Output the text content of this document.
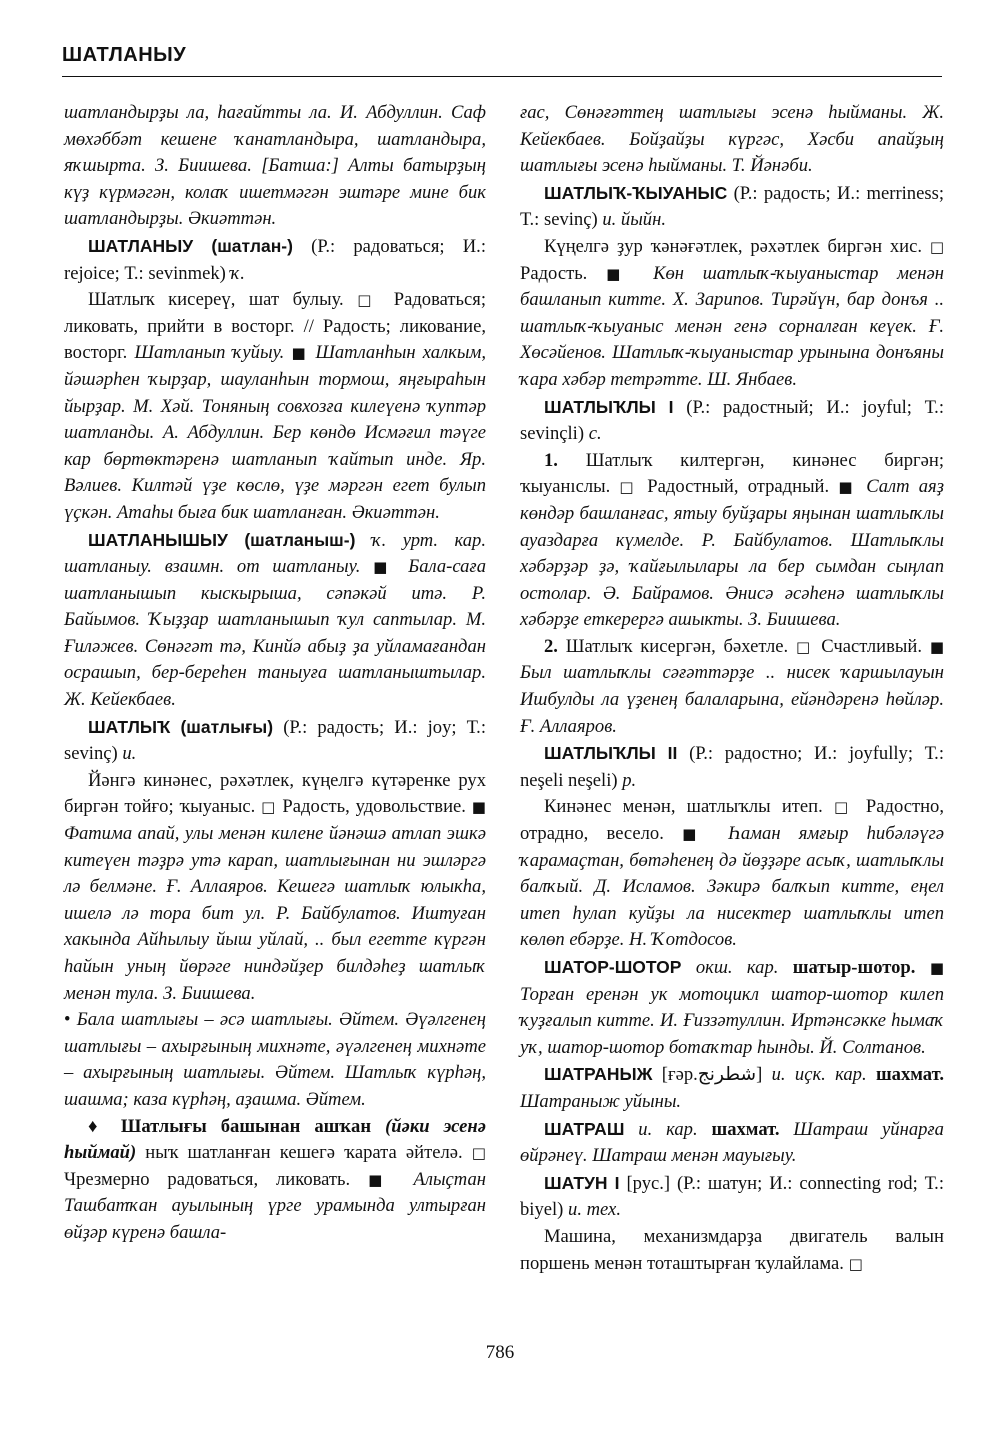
ШАТЛАНЫУ

шатландырҙы ла, һағайтты ла. И. Абдуллин. Саф мөхәббәт кешене ҡанатландыра, шатландыра, яҡшырта. З. Биишева. [Батша:] Алты батырҙың күҙ күрмәгән, колаҡ ишетмәгән эштәре мине бик шатландырҙы. Әкиәттән.

ШАТЛАНЫУ (шатлан-) (Р.: радоваться; И.: rejoice; Т.: sevinmek) ҡ.

Шатлыҡ кисереү, шат булыу. □ Радоваться; ликовать, прийти в восторг. // Радость; ликование, восторг. Шатланып ҡуйыу. ■ Шатланһын халкым, йәшәрһен ҡырҙар, шауланһын тормош, яңғыраһын йырҙар. М. Хәй. Тоняның совхозға килеүенә ҡуптәр шатланды. А. Абдуллин. Бер көндө Исмәғил тәүге кар бөртөктәренә шатланып ҡайтып инде. Яр. Вәлиев. Килтәй үҙе көслө, үҙе мәргән егет булып үҫкән. Атаһы быға бик шатланған. Әкиәттән.

ШАТЛАНЫШЫУ (шатланыш-) ҡ. урт. кар. шатланыу. взаимн. от шатланыу. ■ Бала-саға шатланышып кыскырыша, сәпәкәй итә. Р. Байымов. Ҡыҙҙар шатланышып ҡул саптылар. М. Ғиләжев. Сөнәгәт тә, Кинйә абыҙ ҙа уйламағандан осрашып, бер-береһен таныуға шатланыштылар. Ж. Кейекбаев.

ШАТЛЫҠ (шатлығы) (Р.: радость; И.: joy; Т.: sevinç) и.

Йәнгә кинәнес, рәхәтлек, күңелгә күтәренке рух биргән тойғо; ҡыуаныс. □ Радость, удовольствие. ■ Фатима апай, улы менән килене йәнәшә атлап эшкә китеүен тәҙрә утә карап, шатлығынан ни эшләргә лә белмәне. Ғ. Аллаяров. Кешегә шатлыҡ юлыкһа, ишелә лә тора бит ул. Р. Байбулатов. Иштуған хакында Айһылыу йыш уйлай, .. был егеттe күргән һайын уның йөрәге ниндәйҙер билдәһеҙ шатлыҡ менән тула. З. Биишева.

• Бала шатлығы – әсә шатлығы. Әйтем. Әүәлгенең шатлығы – ахырғының михнәте, әүәлгенең михнәте – ахырғының шатлығы. Әйтем. Шатлыҡ күрһәң, шашма; каза күрһәң, аҙашма. Әйтем.

♦ Шатлығы башынан ашҡан (йәки эсенә һыймай) ныҡ шатланған кешегә ҡарата әйтелә. □ Чрезмерно радоваться, ликовать. ■ Алыҫтан Ташбатҡан ауылының үрге урамында ултырған өйҙәр күренә башла-

ғас, Сөнәғәттең шатлығы эсенә һыйманы. Ж. Кейекбаев. Бойҙайҙы күргәс, Хәсби апайҙың шатлығы эсенә һыйманы. Т. Йәнәби.

ШАТЛЫҠ-ҠЫУАНЫС (Р.: радость; И.: merriness; Т.: sevinç) и. йыйн.

Күңелгә ҙур ҡәнәғәтлек, рәхәтлек биргән хис. □ Радость. ■ Көн шатлыҡ-ҡыуаныстар менән башланып китте. Х. Зарипов. Тирәйүн, бар донъя .. шатлыҡ-ҡыуаныс менән генә сорналған кеүек. Ғ. Хөсәйенов. Шатлыҡ-ҡыуаныстар урынына донъяны ҡара хәбәр тетрәтте. Ш. Янбаев.

ШАТЛЫҠЛЫ I (Р.: радостный; И.: joyful; Т.: sevinçli) с.

1. Шатлыҡ килтергән, кинәнес биргән; ҡыуанıслы. □ Радостный, отрадный. ■ Салт аяҙ көндәр башланғас, ятыу буйҙары яңынан шатлыҡлы ауаздарға күмелде. Р. Байбулатов. Шатлыҡлы хәбәрҙәр ҙә, ҡайғылылары ла бер сымдан сыңлап остолар. Ә. Байрамов. Әнисә әсәһенә шатлыҡлы хәбәрҙе еткерергә ашыкты. З. Биишева.

2. Шатлыҡ кисергән, бәхетле. □ Счастливый. ■ Был шатлыҡлы сәғәттәрҙе .. нисек ҡаршылауын Ишбулды ла үҙенең балаларына, ейәндәренә һөйләр. Ғ. Аллаяров.

ШАТЛЫҠЛЫ II (Р.: радостно; И.: joyfully; Т.: neşeli neşeli) р.

Кинәнес менән, шатлыҡлы итеп. □ Радостно, отрадно, весело. ■ Һаман ямғыр һибәләүгә ҡарамаҫтан, бөтәһенең дә йөҙҙәре асыҡ, шатлыҡлы балҡый. Д. Исламов. Зәкирә балҡып китте, еңел итеп һулап куйҙы ла нисектер шатлыҡлы итеп көлөп ебәрҙе. Н. Ҡотдосов.

ШАТОР-ШОТОР окш. кар. шатыр-шотор. ■ Торған еренән ук мотоцикл шатор-шотор килеп ҡуҙғалып китте. И. Ғиззәтуллин. Иртәнсәкке һымаҡ уҡ, шатор-шотор ботаҡтар һынды. Й. Солтанов.

ШАТРАНЫЖ [ғәр.شطرنج] и. иҫк. кар. шахмат. Шатраныж уйыны.

ШАТРАШ и. кар. шахмат. Шатраш уйнарға өйрәнеү. Шатраш менән мауығыу.

ШАТУН I [рус.] (Р.: шатун; И.: connecting rod; Т.: biyel) и. тех.

Машина, механизмдарҙа двигатель валын поршень менән тоташтырған ҡулайлама. □

786
